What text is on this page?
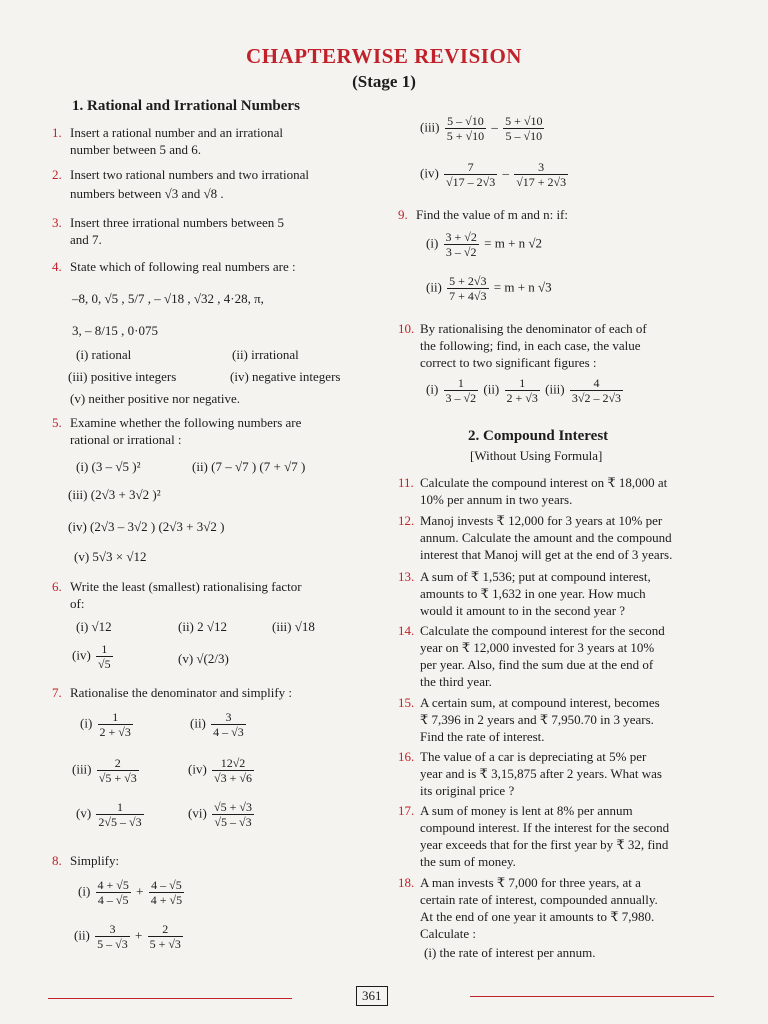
CHAPTERWISE REVISION
(Stage 1)
1. Rational and Irrational Numbers
1. Insert a rational number and an irrational
number between 5 and 6.
2. Insert two rational numbers and two irrational
numbers between √3 and √8 .
3. Insert three irrational numbers between 5
and 7.
4. State which of following real numbers are :
–8, 0, √5 , 5/7 , – √18 , √32 , 4·28, π,
3, – 8/15 , 0·075
(i) rational	(ii) irrational
(iii) positive integers	(iv) negative integers
(v) neither positive nor negative.
5. Examine whether the following numbers are
rational or irrational :
(i) (3 – √5 )²	(ii) (7 – √7 ) (7 + √7 )
(iii) (2√3 + 3√2 )²
(iv) (2√3 – 3√2 ) (2√3 + 3√2 )
(v) 5√3 × √12
6. Write the least (smallest) rationalising factor
of:
(i) √12	(ii) 2 √12	(iii) √18
$(iv) \frac{1}{√5}$	(v) √(2/3)
7. Rationalise the denominator and simplify :
$(i) \frac{1}{2 + √3}$	$(ii) \frac{3}{4 - √3}$
$(iii) \frac{2}{√5 + √3}$	$(iv) \frac{12√2}{√3 + √6}$
$(v) \frac{1}{2√5 - √3}$	$(vi) \frac{√5 + √3}{√5 - √3}$
8. Simplify:
$(i) \frac{4 + √5}{4 - √5} + \frac{4 - √5}{4 + √5}$
$(ii) \frac{3}{5 - √3} + \frac{2}{5 + √3}$
$(iii) \frac{5 - √10}{5 + √10} - \frac{5 + √10}{5 - √10}$
$(iv) \frac{7}{√17 - 2√3} - \frac{3}{√17 + 2√3}$
9. Find the value of m and n: if:
$(i) \frac{3 + √2}{3 - √2} = m + n$ √2
$(ii) \frac{5 + 2√3}{7 + 4√3} = m + n$ √3
10. By rationalising the denominator of each of
the following; find, in each case, the value
correct to two significant figures :
$(i) \frac{1}{3 - √2} (ii) \frac{1}{2 + √3} (iii) \frac{4}{3√2 - 2√3}$
2. Compound Interest
[Without Using Formula]
11. Calculate the compound interest on ₹ 18,000 at
10% per annum in two years.
12. Manoj invests ₹ 12,000 for 3 years at 10% per
annum. Calculate the amount and the compound
interest that Manoj will get at the end of 3 years.
13. A sum of ₹ 1,536; put at compound interest,
amounts to ₹ 1,632 in one year. How much
would it amount to in the second year ?
14. Calculate the compound interest for the second
year on ₹ 12,000 invested for 3 years at 10%
per year. Also, find the sum due at the end of
the third year.
15. A certain sum, at compound interest, becomes
₹ 7,396 in 2 years and ₹ 7,950.70 in 3 years.
Find the rate of interest.
16. The value of a car is depreciating at 5% per
year and is ₹ 3,15,875 after 2 years. What was
its original price ?
17. A sum of money is lent at 8% per annum
compound interest. If the interest for the second
year exceeds that for the first year by ₹ 32, find
the sum of money.
18. A man invests ₹ 7,000 for three years, at a
certain rate of interest, compounded annually.
At the end of one year it amounts to ₹ 7,980.
Calculate :
(i) the rate of interest per annum.
361
